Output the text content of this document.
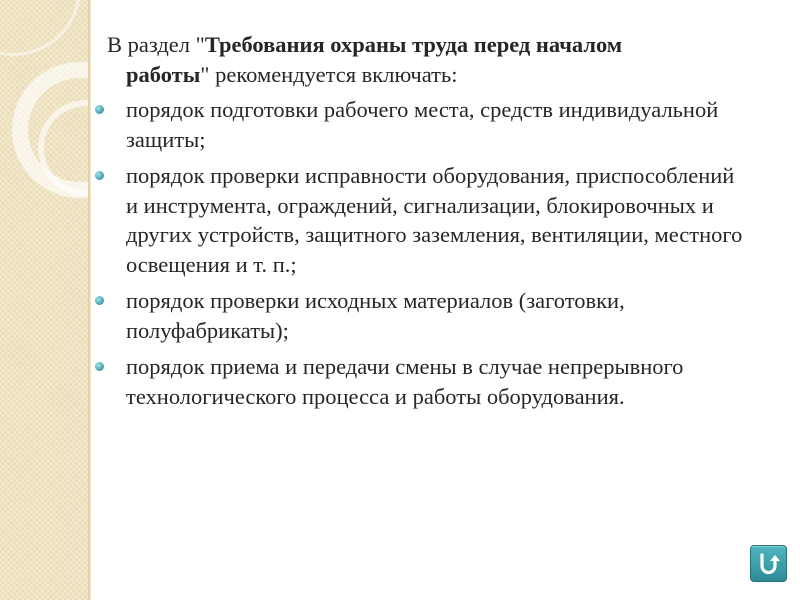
В раздел "Требования охраны труда перед началом
работы" рекомендуется включать:

порядок подготовки рабочего места, средств индивидуальной защиты;
порядок проверки исправности оборудования, приспособлений и инструмента, ограждений, сигнализации, блокировочных и других устройств, защитного заземления, вентиляции, местного освещения и т. п.;
порядок проверки исходных материалов (заготовки, полуфабрикаты);
порядок приема и передачи смены в случае непрерывного технологического процесса и работы оборудования.
